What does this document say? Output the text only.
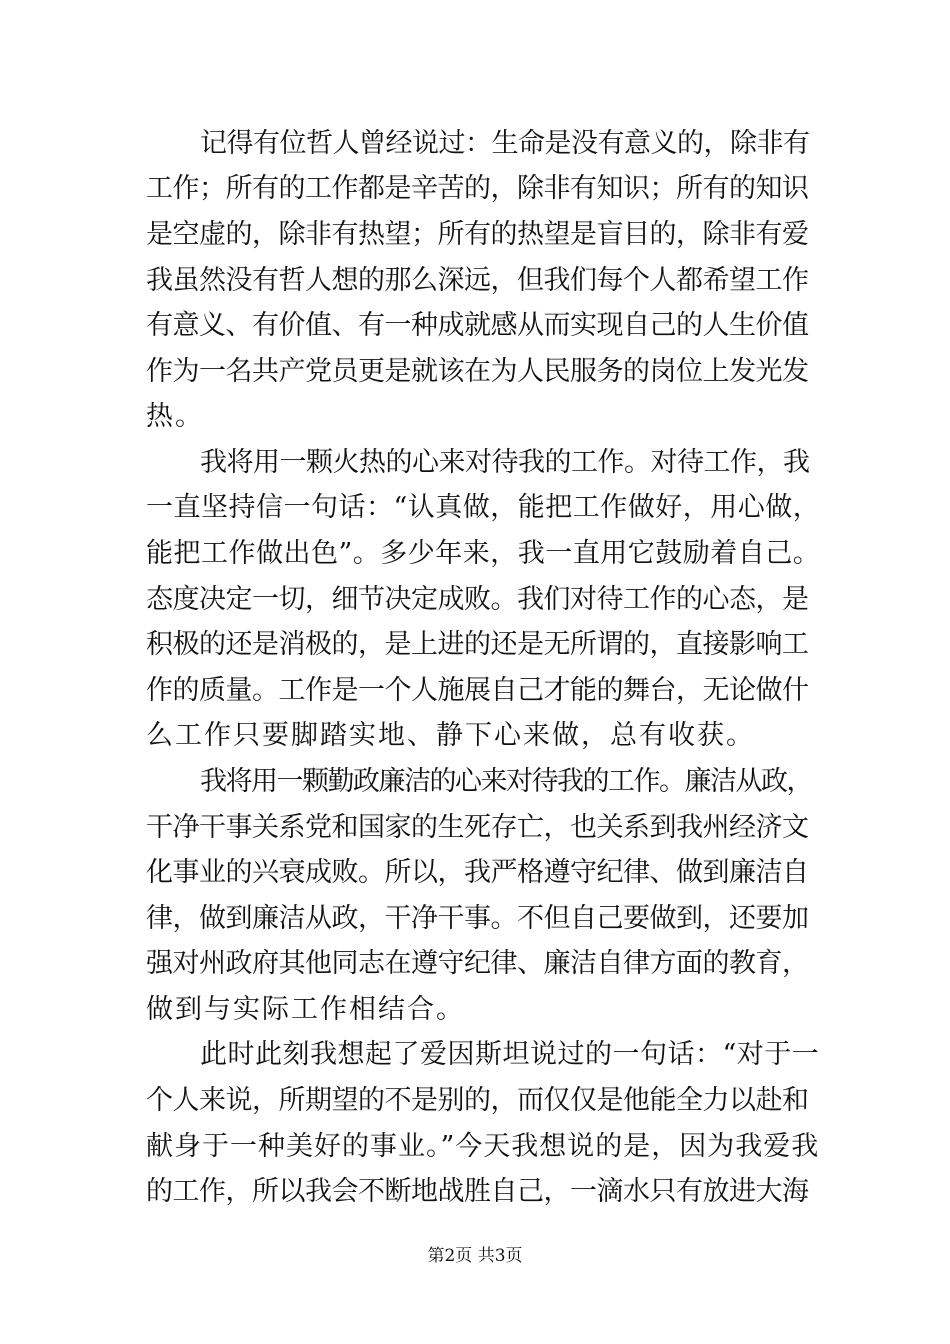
记得有位哲人曾经说过：生命是没有意义的，除非有
工作；所有的工作都是辛苦的，除非有知识；所有的知识
是空虚的，除非有热望；所有的热望是盲目的，除非有爱
我虽然没有哲人想的那么深远，但我们每个人都希望工作
有意义、有价值、有一种成就感从而实现自己的人生价值
作为一名共产党员更是就该在为人民服务的岗位上发光发
热。
我将用一颗火热的心来对待我的工作。对待工作，我
一直坚持信一句话：“认真做，能把工作做好，用心做，
能把工作做出色”。多少年来，我一直用它鼓励着自己。
态度决定一切，细节决定成败。我们对待工作的心态，是
积极的还是消极的，是上进的还是无所谓的，直接影响工
作的质量。工作是一个人施展自己才能的舞台，无论做什
么工作只要脚踏实地、静下心来做，总有收获。
我将用一颗勤政廉洁的心来对待我的工作。廉洁从政，
干净干事关系党和国家的生死存亡，也关系到我州经济文
化事业的兴衰成败。所以，我严格遵守纪律、做到廉洁自
律，做到廉洁从政，干净干事。不但自己要做到，还要加
强对州政府其他同志在遵守纪律、廉洁自律方面的教育，
做到与实际工作相结合。
此时此刻我想起了爱因斯坦说过的一句话：“对于一
个人来说，所期望的不是别的，而仅仅是他能全力以赴和
献身于一种美好的事业。”今天我想说的是，因为我爱我
的工作，所以我会不断地战胜自己，一滴水只有放进大海
第2页 共3页
